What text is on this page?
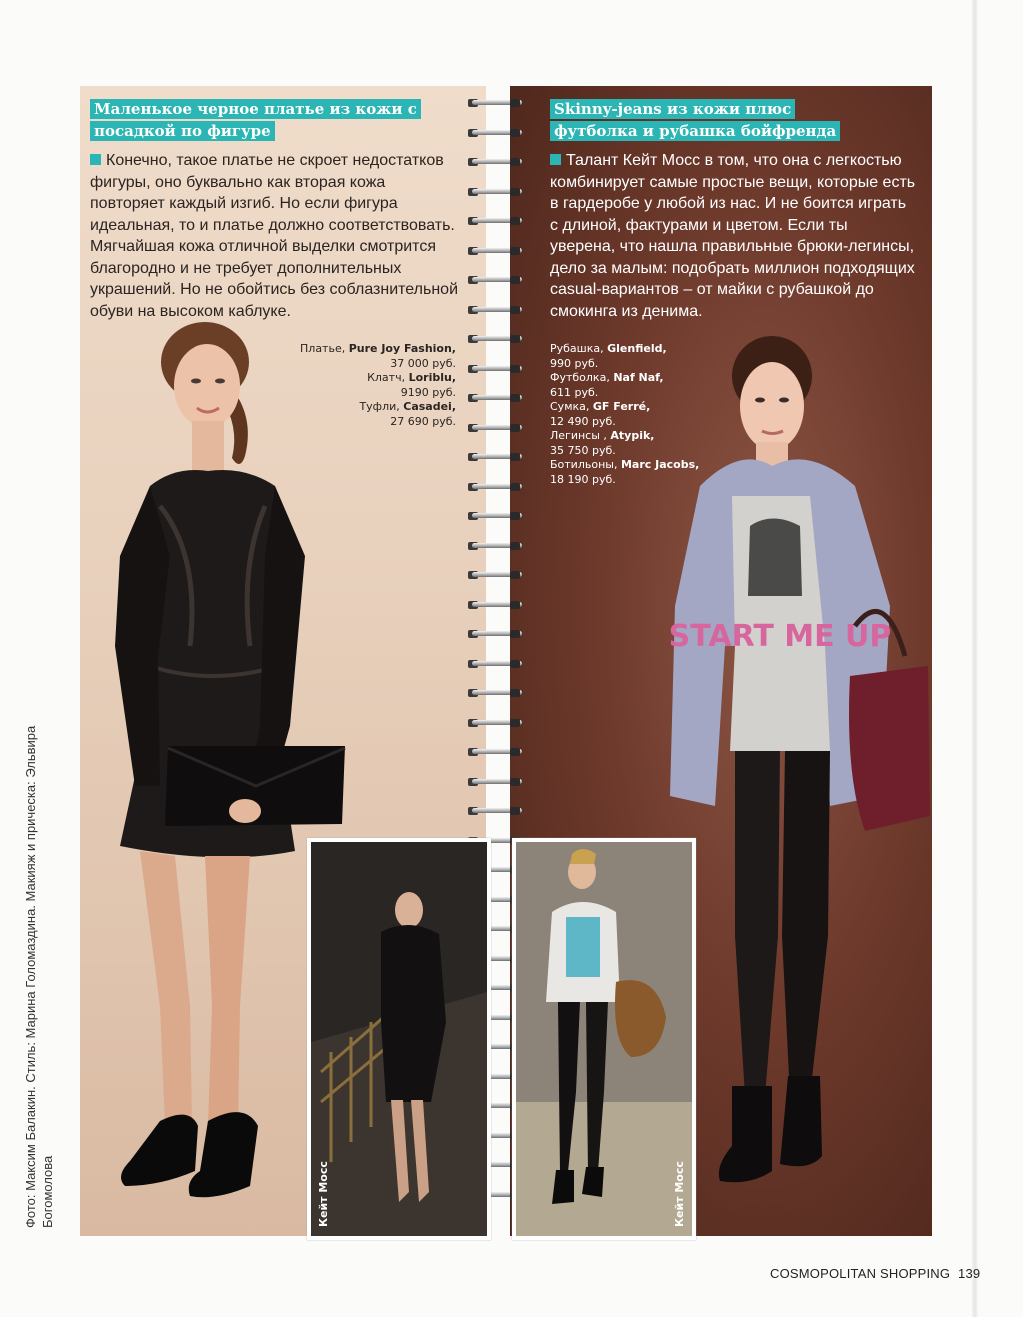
Маленькое черное платье из кожи с посадкой по фигуре
Конечно, такое платье не скроет недостатков фигуры, оно буквально как вторая кожа повторяет каждый изгиб. Но если фигура идеальная, то и платье должно соответствовать. Мягчайшая кожа отличной выделки смотрится благородно и не требует дополнительных украшений. Но не обойтись без соблазнительной обуви на высоком каблуке.
Платье, Pure Joy Fashion,
37 000 руб.
Клатч, Loriblu,
9190 руб.
Туфли, Casadei,
27 690 руб.
START ME UP
Skinny-jeans из кожи плюс футболка и рубашка бойфренда
Талант Кейт Мосс в том, что она с легкостью комбинирует самые простые вещи, которые есть в гардеробе у любой из нас. И не боится играть с длиной, фактурами и цветом. Если ты уверена, что нашла правильные брюки-легинсы, дело за малым: подобрать миллион подходящих casual-вариантов – от майки с рубашкой до смокинга из денима.
Рубашка, Glenfield,
990 руб.
Футболка, Naf Naf,
611 руб.
Сумка, GF Ferré,
12 490 руб.
Легинсы , Atypik,
35 750 руб.
Ботильоны, Marc Jacobs,
18 190 руб.
Кейт Мосс	Кейт Мосс
Фото: Максим Балакин. Стиль: Марина Голомаздина. Макияж и прическа: Эльвира Богомолова
COSMOPOLITAN SHOPPING 139
